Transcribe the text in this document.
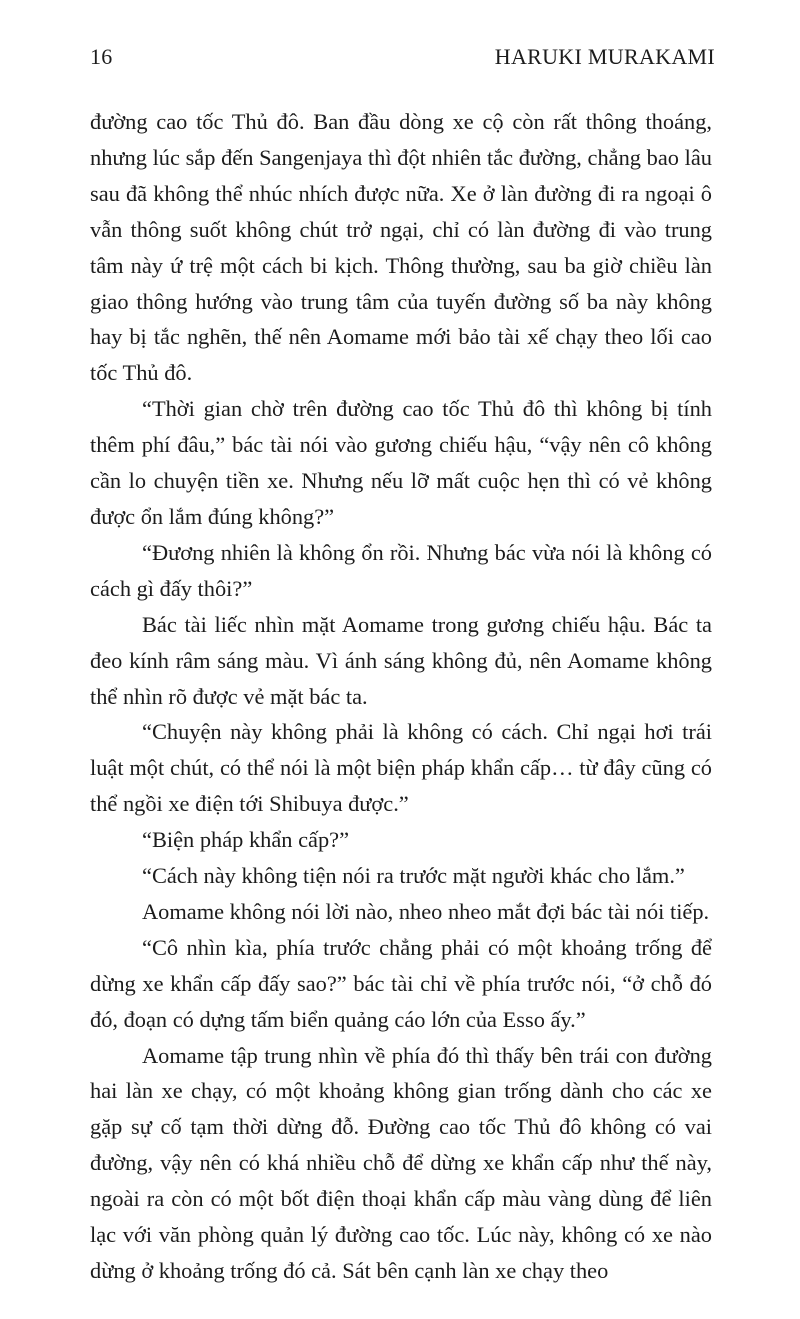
16	HARUKI MURAKAMI

đường cao tốc Thủ đô. Ban đầu dòng xe cộ còn rất thông thoáng, nhưng lúc sắp đến Sangenjaya thì đột nhiên tắc đường, chẳng bao lâu sau đã không thể nhúc nhích được nữa. Xe ở làn đường đi ra ngoại ô vẫn thông suốt không chút trở ngại, chỉ có làn đường đi vào trung tâm này ứ trệ một cách bi kịch. Thông thường, sau ba giờ chiều làn giao thông hướng vào trung tâm của tuyến đường số ba này không hay bị tắc nghẽn, thế nên Aomame mới bảo tài xế chạy theo lối cao tốc Thủ đô.

“Thời gian chờ trên đường cao tốc Thủ đô thì không bị tính thêm phí đâu,” bác tài nói vào gương chiếu hậu, “vậy nên cô không cần lo chuyện tiền xe. Nhưng nếu lỡ mất cuộc hẹn thì có vẻ không được ổn lắm đúng không?”

“Đương nhiên là không ổn rồi. Nhưng bác vừa nói là không có cách gì đấy thôi?”

Bác tài liếc nhìn mặt Aomame trong gương chiếu hậu. Bác ta đeo kính râm sáng màu. Vì ánh sáng không đủ, nên Aomame không thể nhìn rõ được vẻ mặt bác ta.

“Chuyện này không phải là không có cách. Chỉ ngại hơi trái luật một chút, có thể nói là một biện pháp khẩn cấp… từ đây cũng có thể ngồi xe điện tới Shibuya được.”

“Biện pháp khẩn cấp?”

“Cách này không tiện nói ra trước mặt người khác cho lắm.”

Aomame không nói lời nào, nheo nheo mắt đợi bác tài nói tiếp.

“Cô nhìn kìa, phía trước chẳng phải có một khoảng trống để dừng xe khẩn cấp đấy sao?” bác tài chỉ về phía trước nói, “ở chỗ đó đó, đoạn có dựng tấm biển quảng cáo lớn của Esso ấy.”

Aomame tập trung nhìn về phía đó thì thấy bên trái con đường hai làn xe chạy, có một khoảng không gian trống dành cho các xe gặp sự cố tạm thời dừng đỗ. Đường cao tốc Thủ đô không có vai đường, vậy nên có khá nhiều chỗ để dừng xe khẩn cấp như thế này, ngoài ra còn có một bốt điện thoại khẩn cấp màu vàng dùng để liên lạc với văn phòng quản lý đường cao tốc. Lúc này, không có xe nào dừng ở khoảng trống đó cả. Sát bên cạnh làn xe chạy theo
